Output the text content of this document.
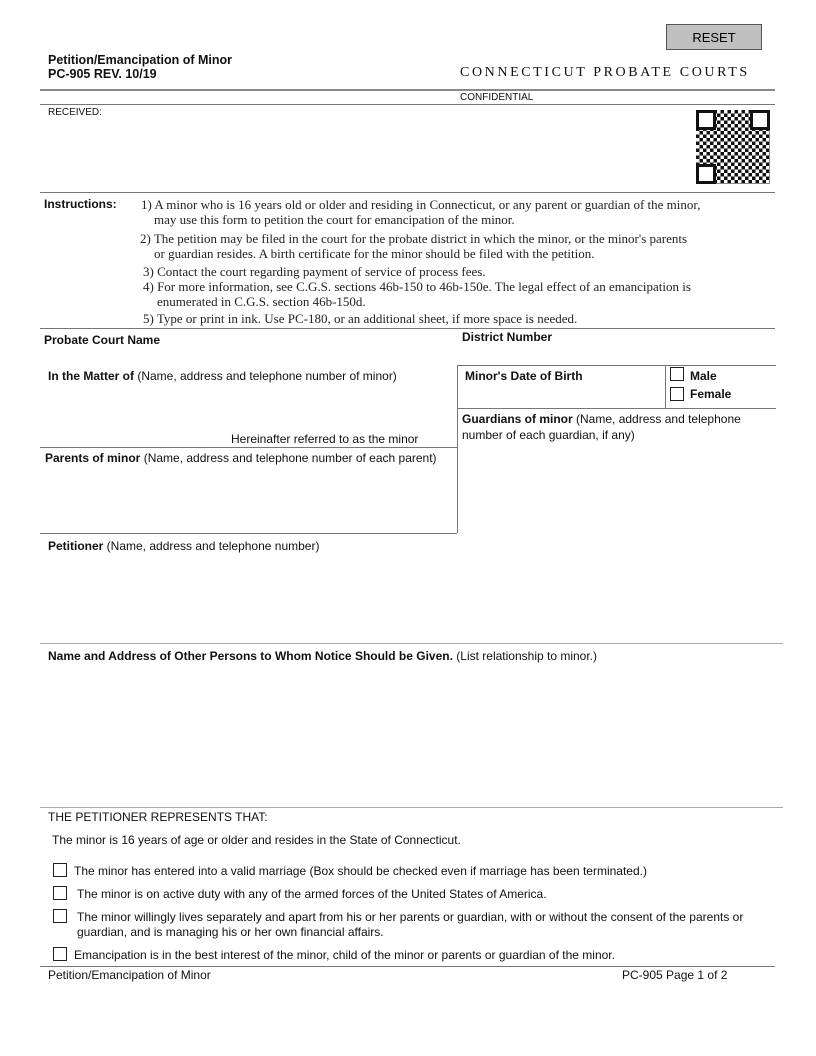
RESET
Petition/Emancipation of Minor
PC-905 REV. 10/19	CONNECTICUT PROBATE COURTS
CONFIDENTIAL
RECEIVED:
Instructions: 1) A minor who is 16 years old or older and residing in Connecticut, or any parent or guardian of the minor,
may use this form to petition the court for emancipation of the minor.
2) The petition may be filed in the court for the probate district in which the minor, or the minor's parents
or guardian resides. A birth certificate for the minor should be filed with the petition.
3) Contact the court regarding payment of service of process fees.
4) For more information, see C.G.S. sections 46b-150 to 46b-150e. The legal effect of an emancipation is
enumerated in C.G.S. section 46b-150d.
5) Type or print in ink. Use PC-180, or an additional sheet, if more space is needed.
Probate Court Name	District Number
In the Matter of (Name, address and telephone number of minor)
Hereinafter referred to as the minor
Minor's Date of Birth	Male
Female
Guardians of minor (Name, address and telephone number of each guardian, if any)
Parents of minor (Name, address and telephone number of each parent)
Petitioner (Name, address and telephone number)
Name and Address of Other Persons to Whom Notice Should be Given. (List relationship to minor.)
THE PETITIONER REPRESENTS THAT:
The minor is 16 years of age or older and resides in the State of Connecticut.
The minor has entered into a valid marriage (Box should be checked even if marriage has been terminated.)
The minor is on active duty with any of the armed forces of the United States of America.
The minor willingly lives separately and apart from his or her parents or guardian, with or without the consent of the parents or guardian, and is managing his or her own financial affairs.
Emancipation is in the best interest of the minor, child of the minor or parents or guardian of the minor.
Petition/Emancipation of Minor	PC-905 Page 1 of 2
